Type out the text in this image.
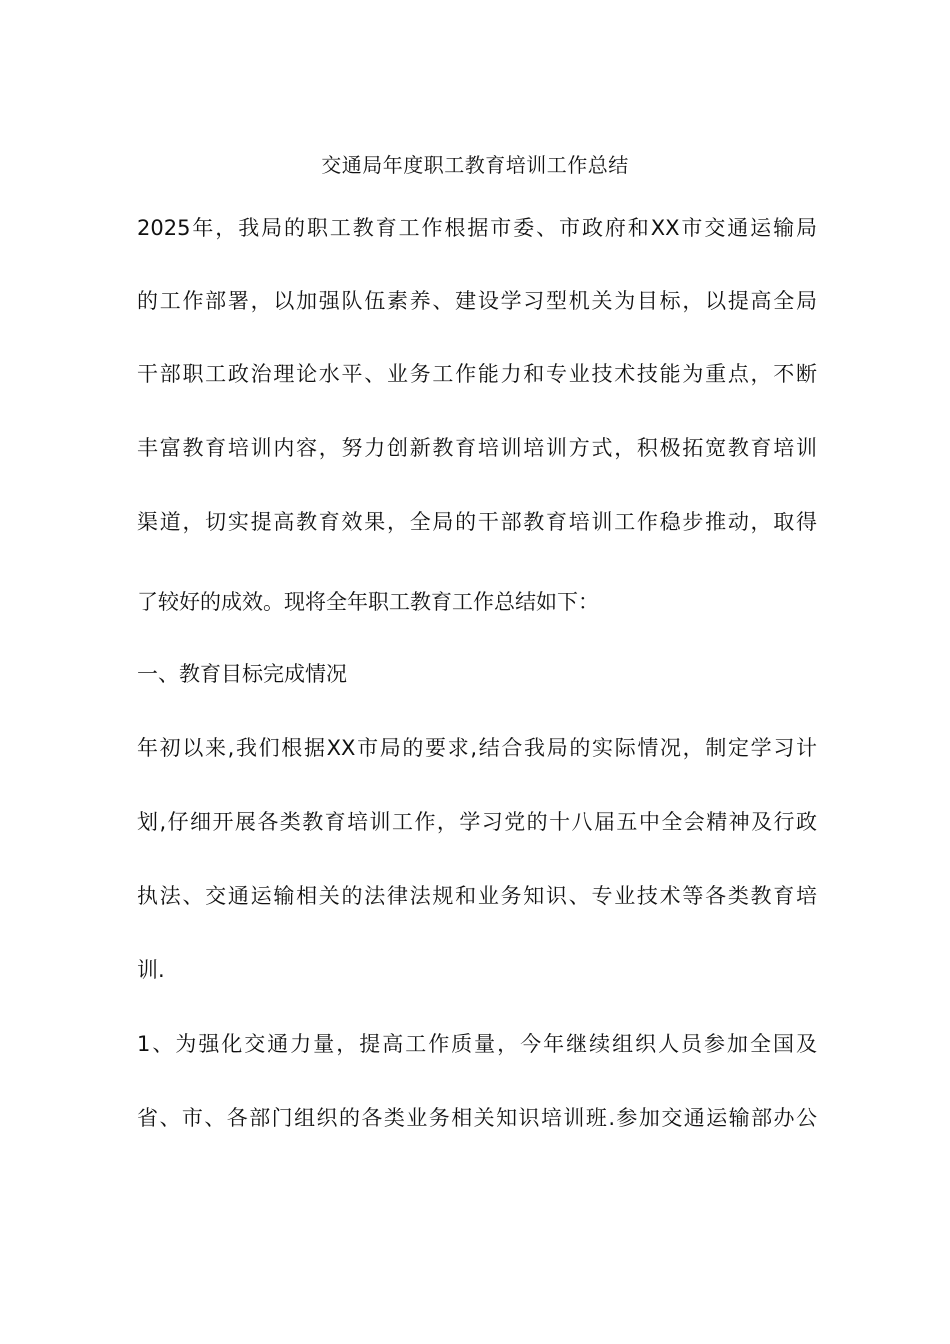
交通局年度职工教育培训工作总结
2025年，我局的职工教育工作根据市委、市政府和XX市交通运输局
的工作部署，以加强队伍素养、建设学习型机关为目标，以提高全局
干部职工政治理论水平、业务工作能力和专业技术技能为重点，不断
丰富教育培训内容，努力创新教育培训培训方式，积极拓宽教育培训
渠道，切实提高教育效果，全局的干部教育培训工作稳步推动，取得
了较好的成效。现将全年职工教育工作总结如下：
一、教育目标完成情况
年初以来,我们根据XX市局的要求,结合我局的实际情况，制定学习计
划,仔细开展各类教育培训工作，学习党的十八届五中全会精神及行政
执法、交通运输相关的法律法规和业务知识、专业技术等各类教育培
训.
1、为强化交通力量，提高工作质量，今年继续组织人员参加全国及
省、市、各部门组织的各类业务相关知识培训班.参加交通运输部办公
